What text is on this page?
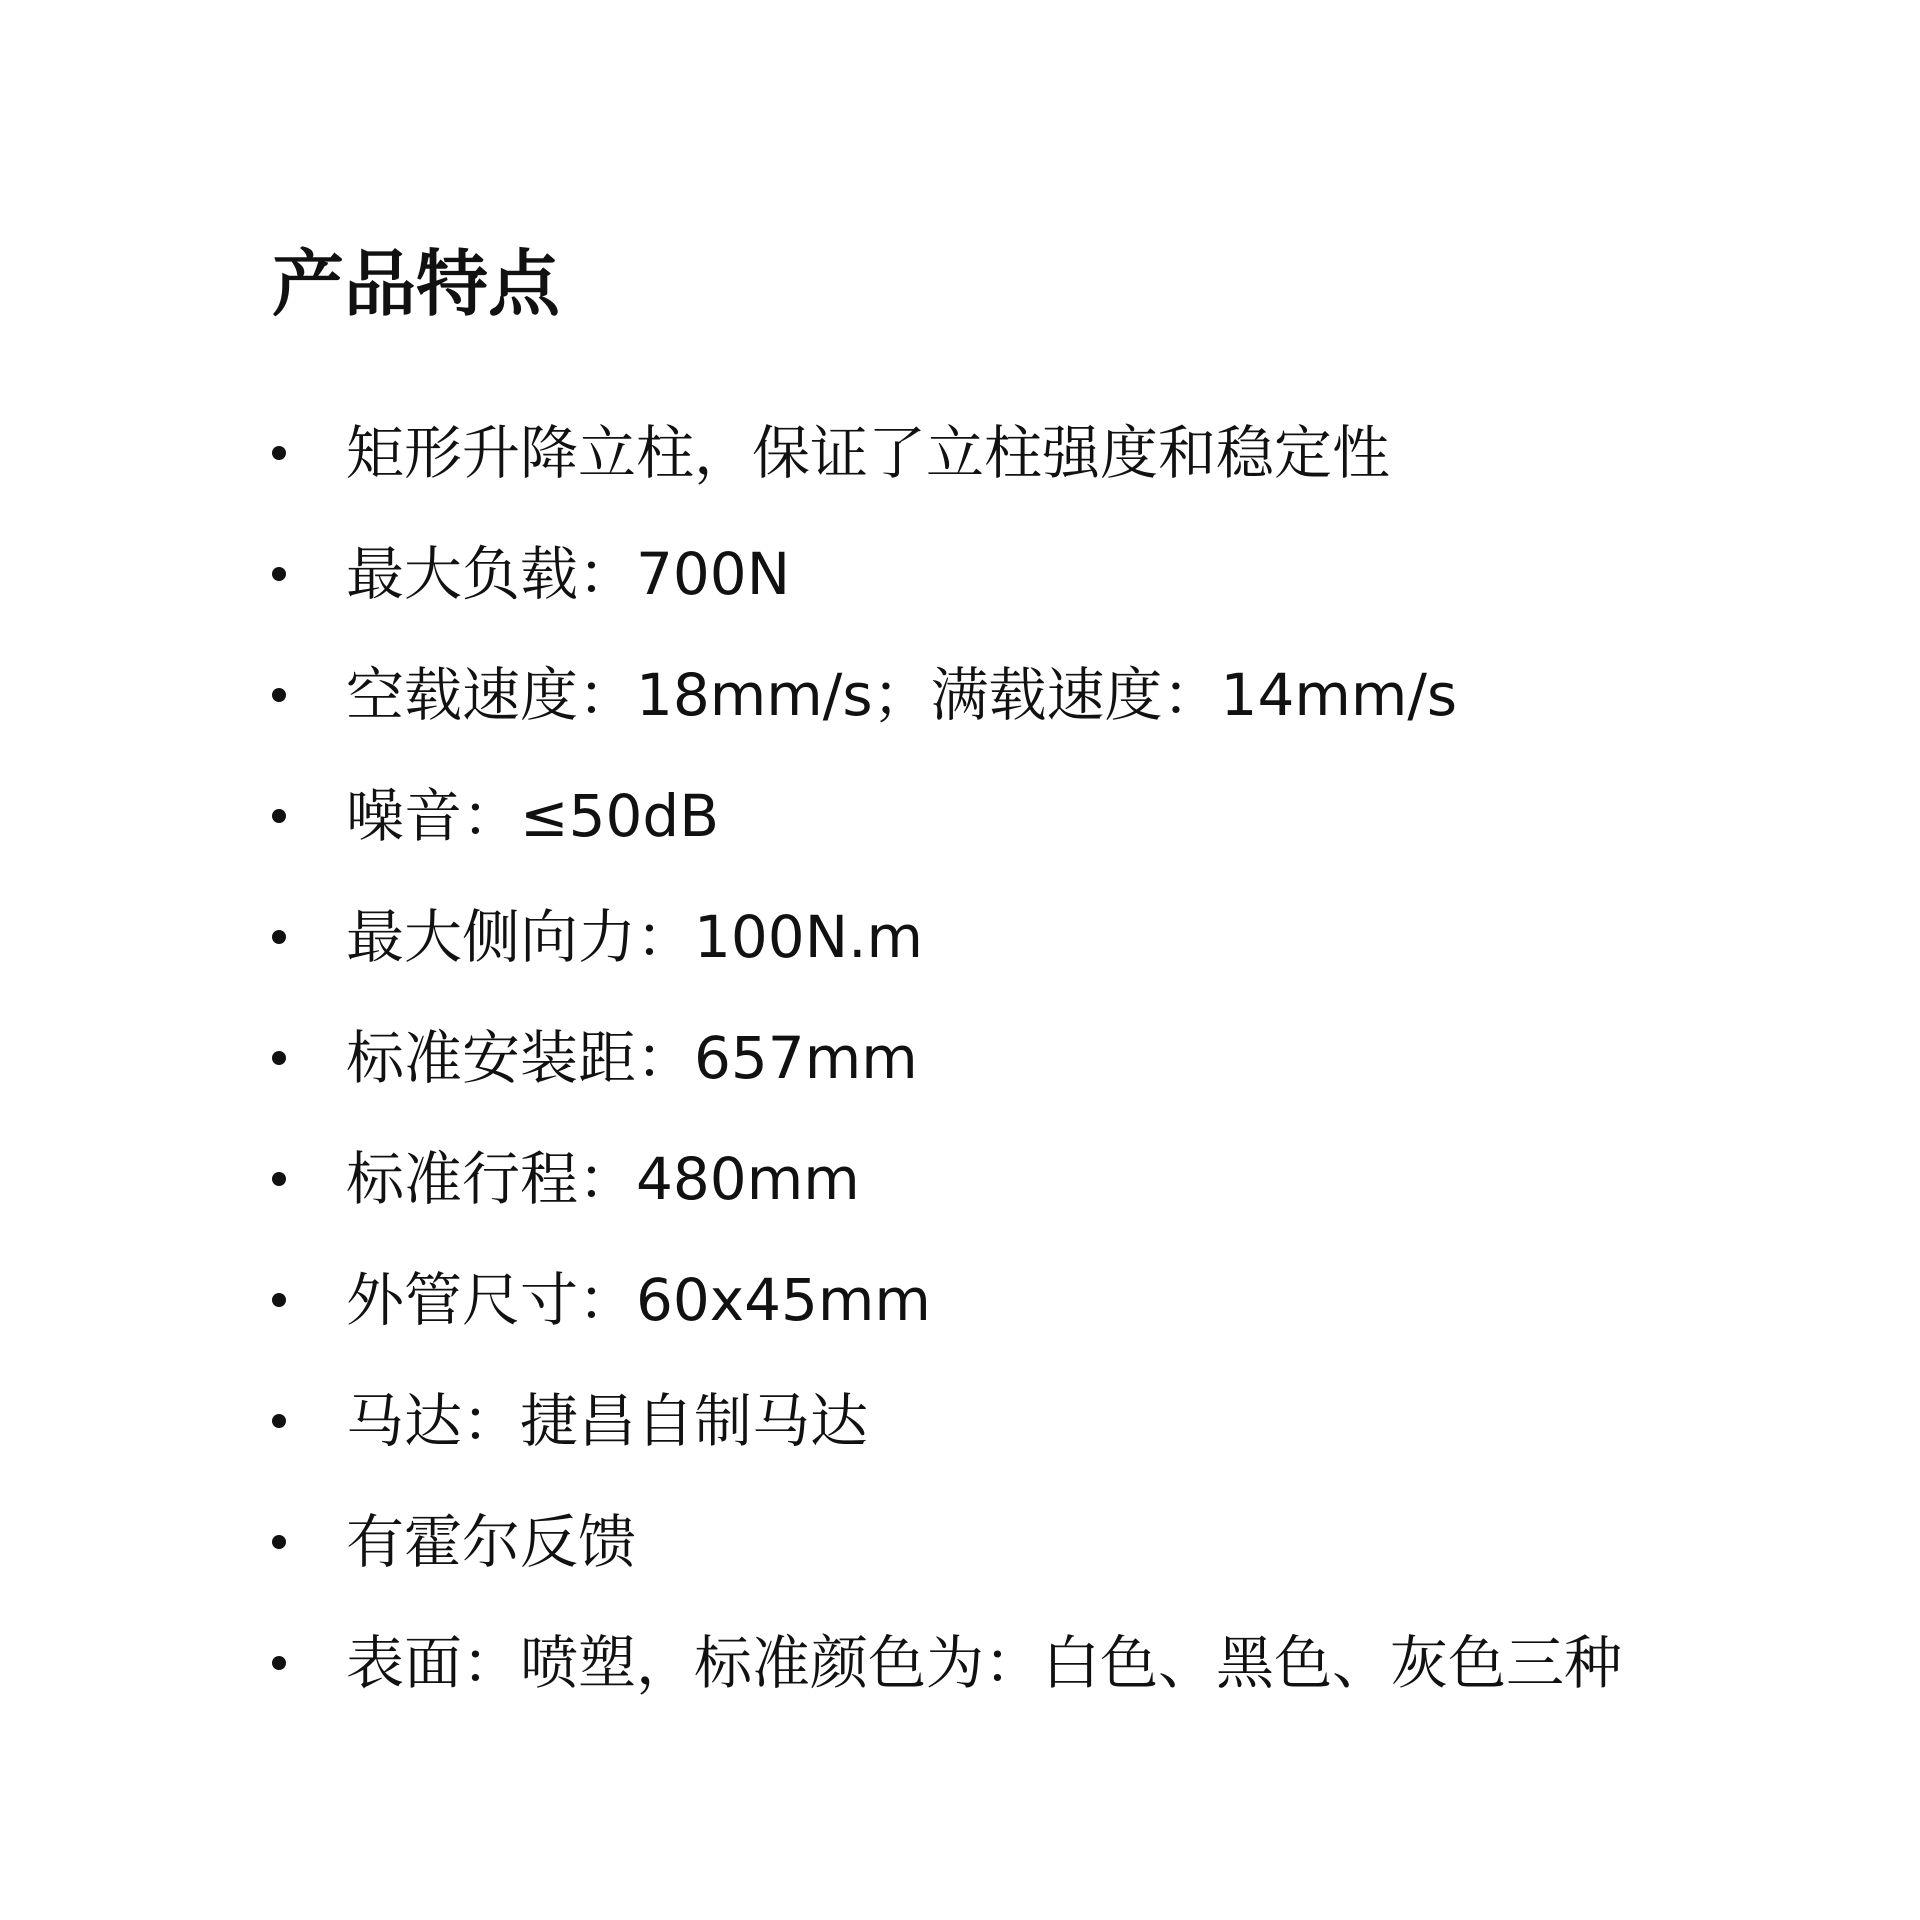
产品特点
矩形升降立柱，保证了立柱强度和稳定性
最大负载：700N
空载速度：18mm/s；满载速度：14mm/s
噪音：≤50dB
最大侧向力：100N.m
标准安装距：657mm
标准行程：480mm
外管尺寸：60x45mm
马达：捷昌自制马达
有霍尔反馈
表面：喷塑，标准颜色为：白色、黑色、灰色三种
